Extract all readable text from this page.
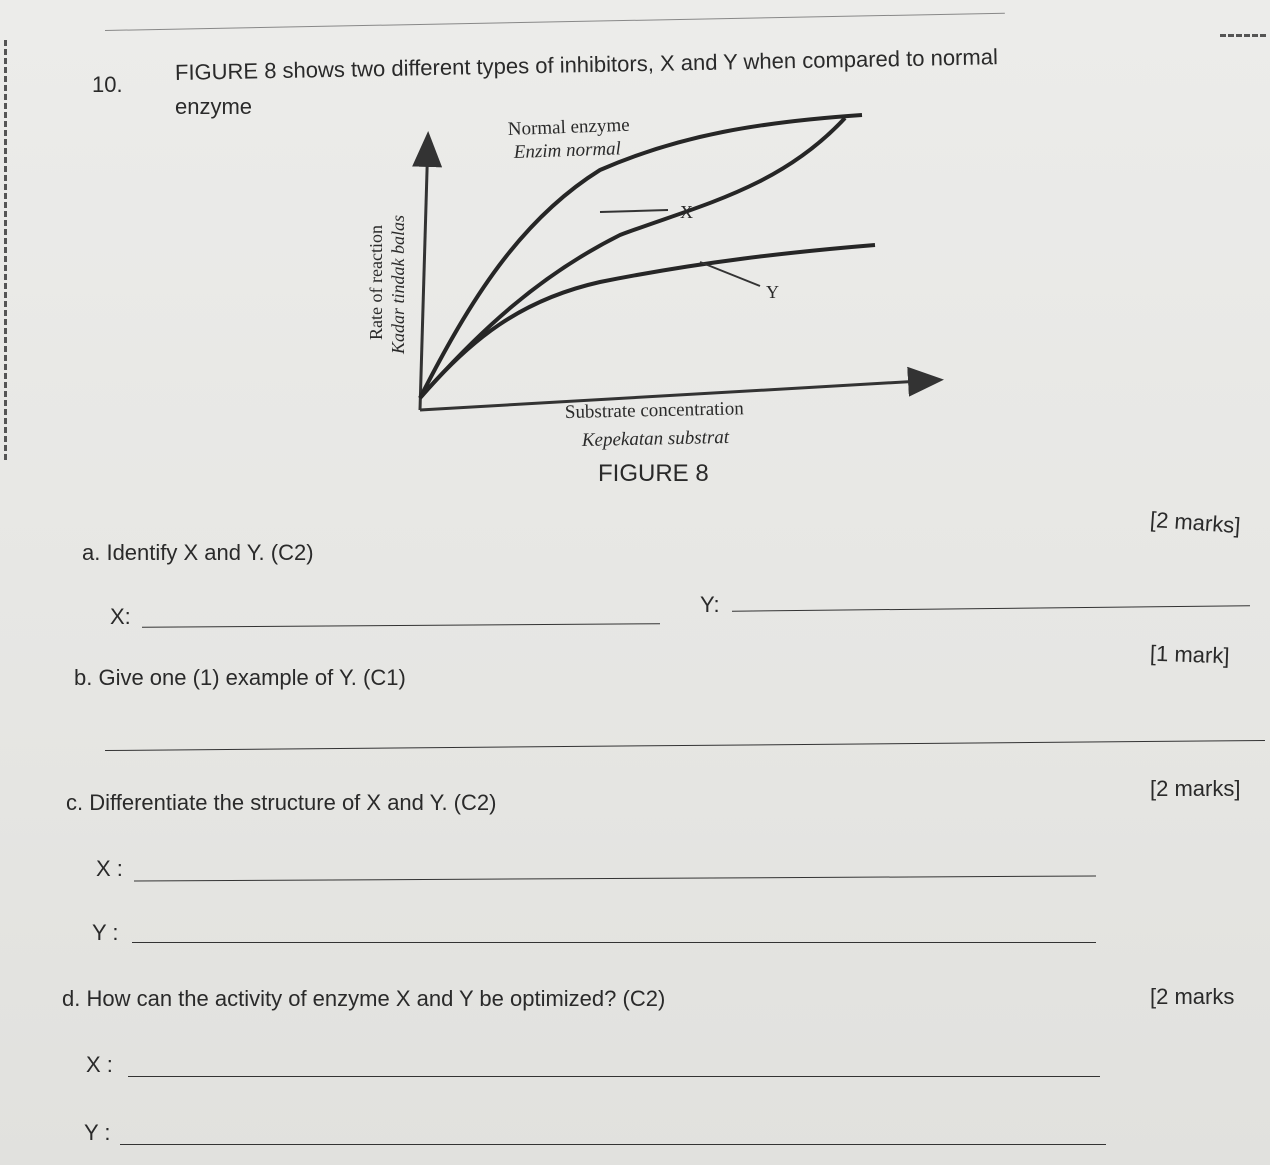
10. FIGURE 8 shows two different types of inhibitors, X and Y when compared to normal
enzyme
Normal enzyme
Enzim normal
X
Y
Rate of reaction Kadar tindak balas
Substrate concentration
Kepekatan substrat
FIGURE 8
[2 marks]
a. Identify X and Y. (C2)
X:	Y:
[1 mark]
b. Give one (1) example of Y. (C1)
[2 marks]
c. Differentiate the structure of X and Y. (C2)
X :
Y :
[2 marks
d. How can the activity of enzyme X and Y be optimized? (C2)
X :
Y :
